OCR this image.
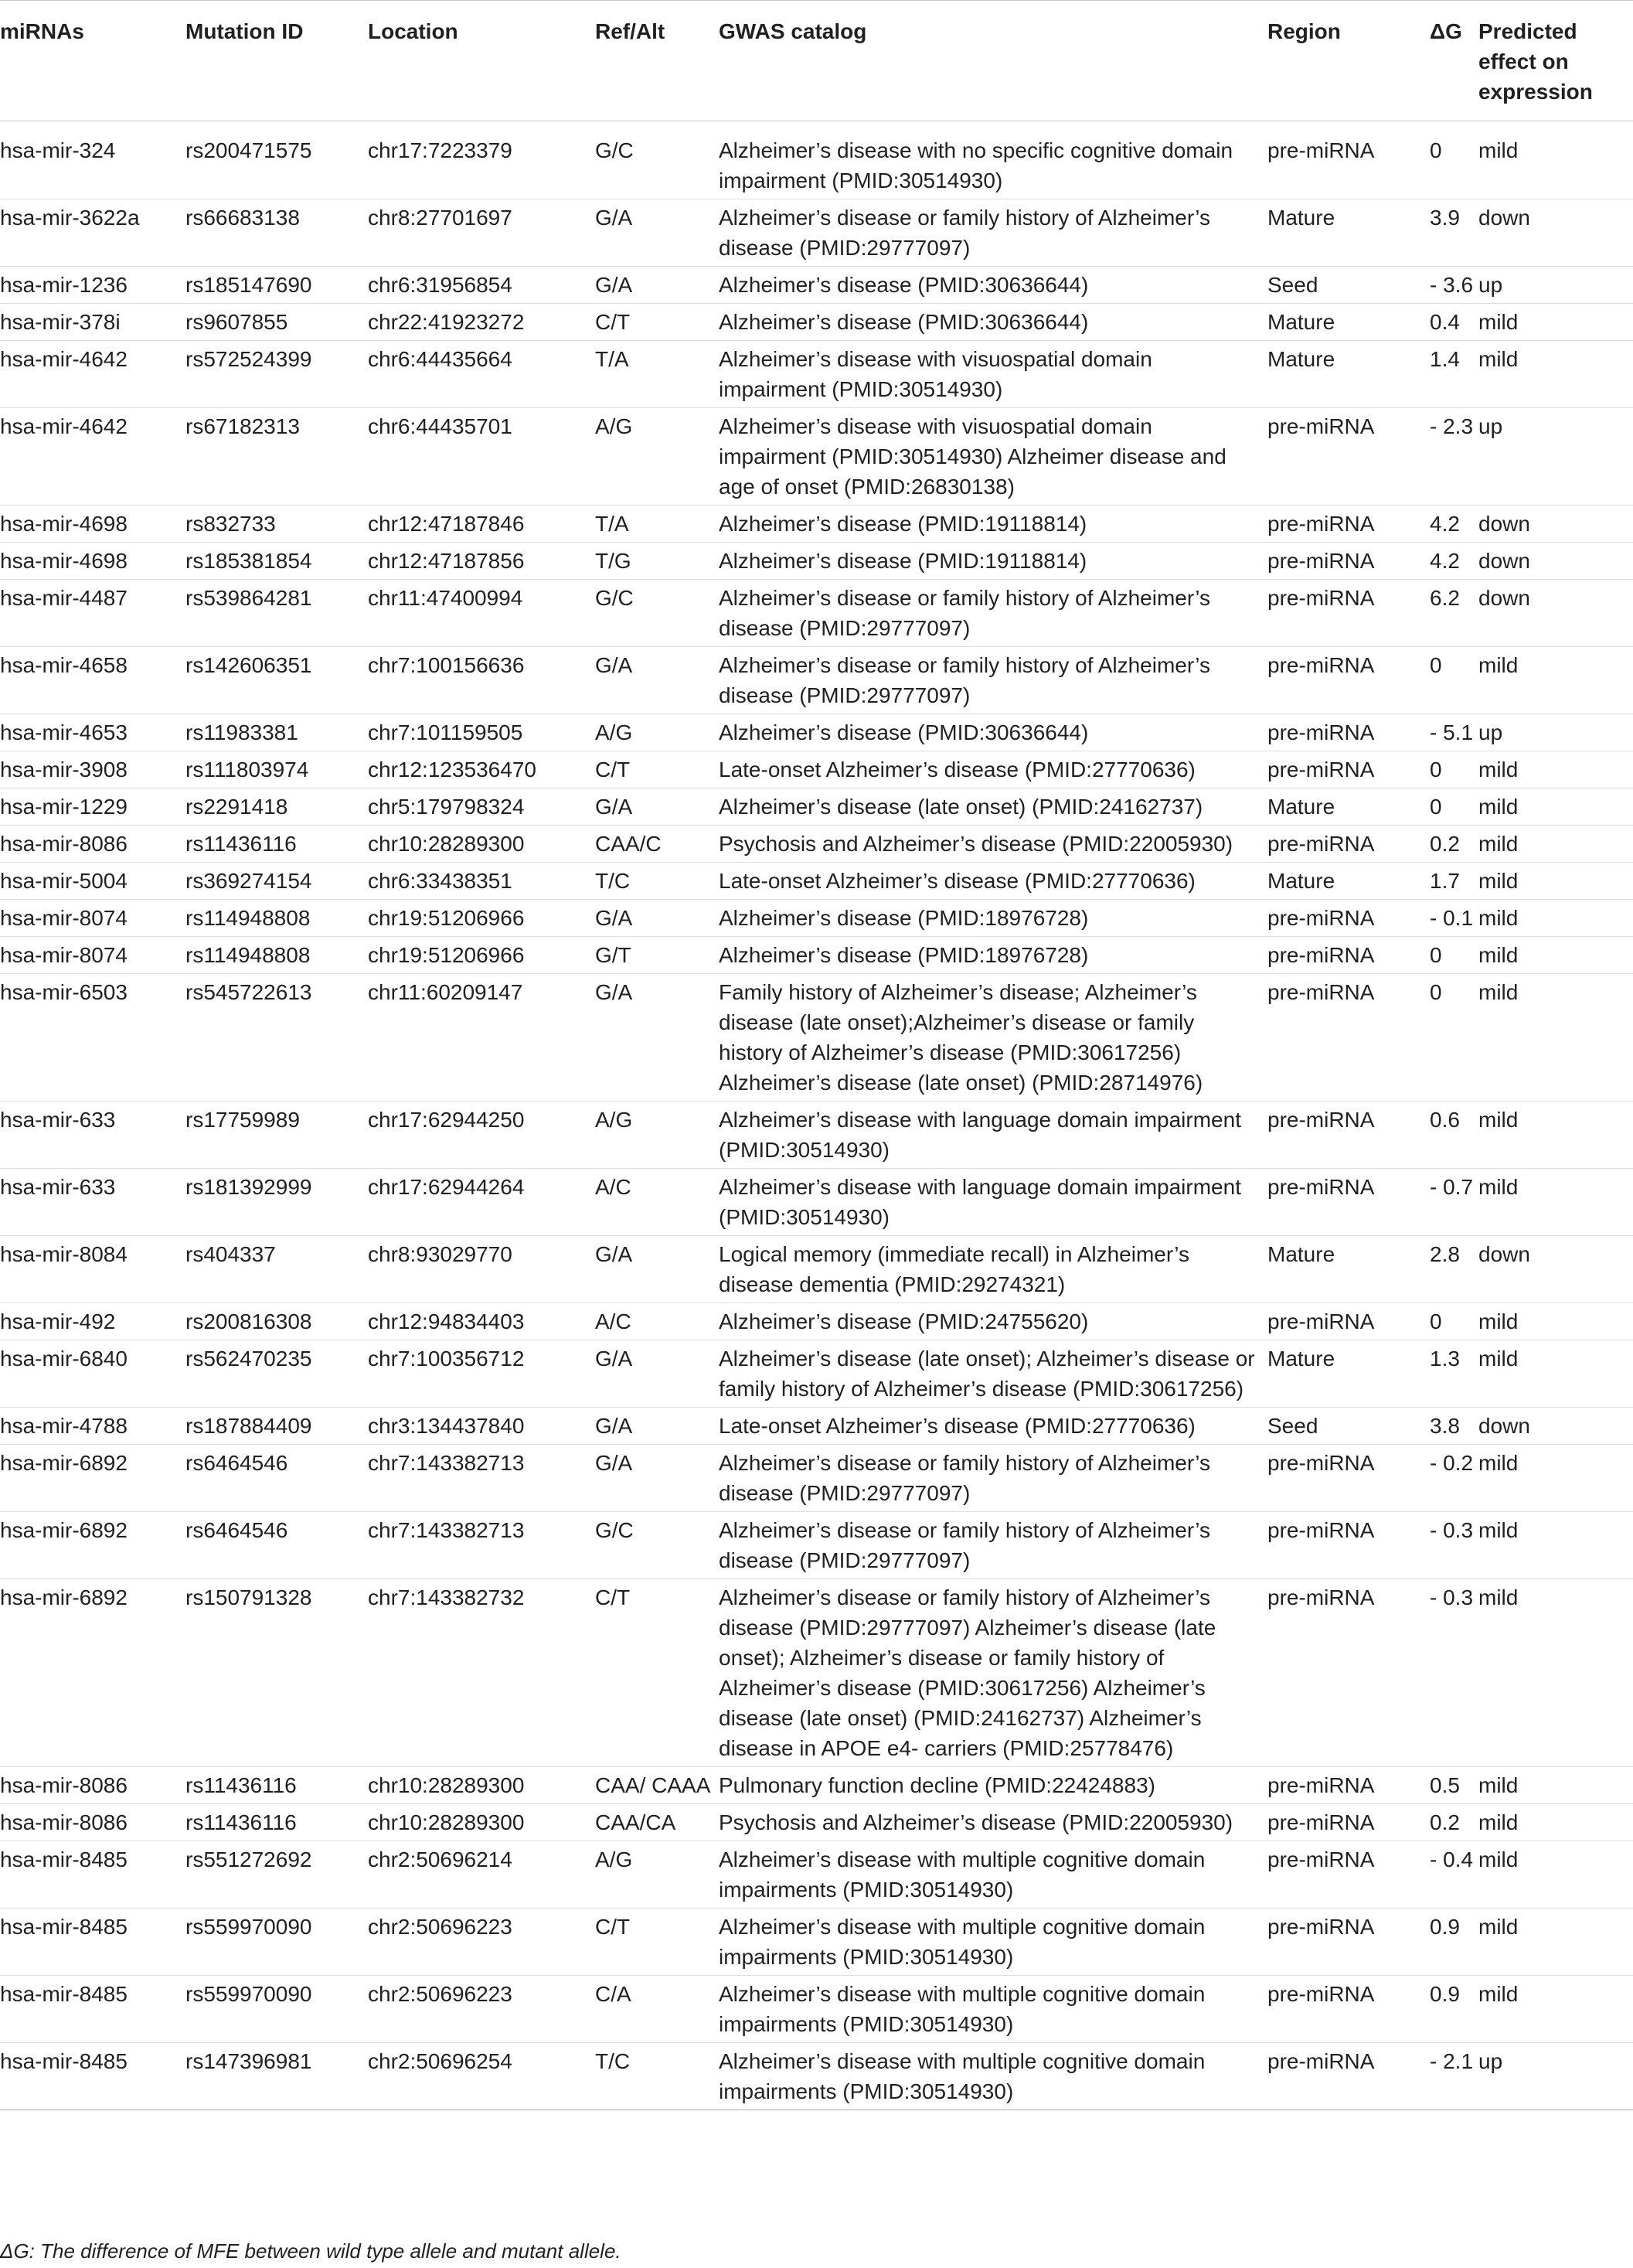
miRNAs	Mutation ID	Location	Ref/Alt	GWAS catalog	Region	ΔG	Predicted effect on expression
hsa-mir-324	rs200471575	chr17:7223379	G/C	Alzheimer’s disease with no specific cognitive domain impairment (PMID:30514930)	pre-miRNA	0	mild
hsa-mir-3622a	rs66683138	chr8:27701697	G/A	Alzheimer’s disease or family history of Alzheimer’s disease (PMID:29777097)	Mature	3.9	down
hsa-mir-1236	rs185147690	chr6:31956854	G/A	Alzheimer’s disease (PMID:30636644)	Seed	- 3.6	up
hsa-mir-378i	rs9607855	chr22:41923272	C/T	Alzheimer’s disease (PMID:30636644)	Mature	0.4	mild
hsa-mir-4642	rs572524399	chr6:44435664	T/A	Alzheimer’s disease with visuospatial domain impairment (PMID:30514930)	Mature	1.4	mild
hsa-mir-4642	rs67182313	chr6:44435701	A/G	Alzheimer’s disease with visuospatial domain impairment (PMID:30514930) Alzheimer disease and age of onset (PMID:26830138)	pre-miRNA	- 2.3	up
hsa-mir-4698	rs832733	chr12:47187846	T/A	Alzheimer’s disease (PMID:19118814)	pre-miRNA	4.2	down
hsa-mir-4698	rs185381854	chr12:47187856	T/G	Alzheimer’s disease (PMID:19118814)	pre-miRNA	4.2	down
hsa-mir-4487	rs539864281	chr11:47400994	G/C	Alzheimer’s disease or family history of Alzheimer’s disease (PMID:29777097)	pre-miRNA	6.2	down
hsa-mir-4658	rs142606351	chr7:100156636	G/A	Alzheimer’s disease or family history of Alzheimer’s disease (PMID:29777097)	pre-miRNA	0	mild
hsa-mir-4653	rs11983381	chr7:101159505	A/G	Alzheimer’s disease (PMID:30636644)	pre-miRNA	- 5.1	up
hsa-mir-3908	rs111803974	chr12:123536470	C/T	Late-onset Alzheimer’s disease (PMID:27770636)	pre-miRNA	0	mild
hsa-mir-1229	rs2291418	chr5:179798324	G/A	Alzheimer’s disease (late onset) (PMID:24162737)	Mature	0	mild
hsa-mir-8086	rs11436116	chr10:28289300	CAA/C	Psychosis and Alzheimer’s disease (PMID:22005930)	pre-miRNA	0.2	mild
hsa-mir-5004	rs369274154	chr6:33438351	T/C	Late-onset Alzheimer’s disease (PMID:27770636)	Mature	1.7	mild
hsa-mir-8074	rs114948808	chr19:51206966	G/A	Alzheimer’s disease (PMID:18976728)	pre-miRNA	- 0.1	mild
hsa-mir-8074	rs114948808	chr19:51206966	G/T	Alzheimer’s disease (PMID:18976728)	pre-miRNA	0	mild
hsa-mir-6503	rs545722613	chr11:60209147	G/A	Family history of Alzheimer’s disease; Alzheimer’s disease (late onset);Alzheimer’s disease or family history of Alzheimer’s disease (PMID:30617256) Alzheimer’s disease (late onset) (PMID:28714976)	pre-miRNA	0	mild
hsa-mir-633	rs17759989	chr17:62944250	A/G	Alzheimer’s disease with language domain impairment (PMID:30514930)	pre-miRNA	0.6	mild
hsa-mir-633	rs181392999	chr17:62944264	A/C	Alzheimer’s disease with language domain impairment (PMID:30514930)	pre-miRNA	- 0.7	mild
hsa-mir-8084	rs404337	chr8:93029770	G/A	Logical memory (immediate recall) in Alzheimer’s disease dementia (PMID:29274321)	Mature	2.8	down
hsa-mir-492	rs200816308	chr12:94834403	A/C	Alzheimer’s disease (PMID:24755620)	pre-miRNA	0	mild
hsa-mir-6840	rs562470235	chr7:100356712	G/A	Alzheimer’s disease (late onset); Alzheimer’s disease or family history of Alzheimer’s disease (PMID:30617256)	Mature	1.3	mild
hsa-mir-4788	rs187884409	chr3:134437840	G/A	Late-onset Alzheimer’s disease (PMID:27770636)	Seed	3.8	down
hsa-mir-6892	rs6464546	chr7:143382713	G/A	Alzheimer’s disease or family history of Alzheimer’s disease (PMID:29777097)	pre-miRNA	- 0.2	mild
hsa-mir-6892	rs6464546	chr7:143382713	G/C	Alzheimer’s disease or family history of Alzheimer’s disease (PMID:29777097)	pre-miRNA	- 0.3	mild
hsa-mir-6892	rs150791328	chr7:143382732	C/T	Alzheimer’s disease or family history of Alzheimer’s disease (PMID:29777097) Alzheimer’s disease (late onset); Alzheimer’s disease or family history of Alzheimer’s disease (PMID:30617256) Alzheimer’s disease (late onset) (PMID:24162737) Alzheimer’s disease in APOE e4- carriers (PMID:25778476)	pre-miRNA	- 0.3	mild
hsa-mir-8086	rs11436116	chr10:28289300	CAA/ CAAA	Pulmonary function decline (PMID:22424883)	pre-miRNA	0.5	mild
hsa-mir-8086	rs11436116	chr10:28289300	CAA/CA	Psychosis and Alzheimer’s disease (PMID:22005930)	pre-miRNA	0.2	mild
hsa-mir-8485	rs551272692	chr2:50696214	A/G	Alzheimer’s disease with multiple cognitive domain impairments (PMID:30514930)	pre-miRNA	- 0.4	mild
hsa-mir-8485	rs559970090	chr2:50696223	C/T	Alzheimer’s disease with multiple cognitive domain impairments (PMID:30514930)	pre-miRNA	0.9	mild
hsa-mir-8485	rs559970090	chr2:50696223	C/A	Alzheimer’s disease with multiple cognitive domain impairments (PMID:30514930)	pre-miRNA	0.9	mild
hsa-mir-8485	rs147396981	chr2:50696254	T/C	Alzheimer’s disease with multiple cognitive domain impairments (PMID:30514930)	pre-miRNA	- 2.1	up
ΔG: The difference of MFE between wild type allele and mutant allele.
